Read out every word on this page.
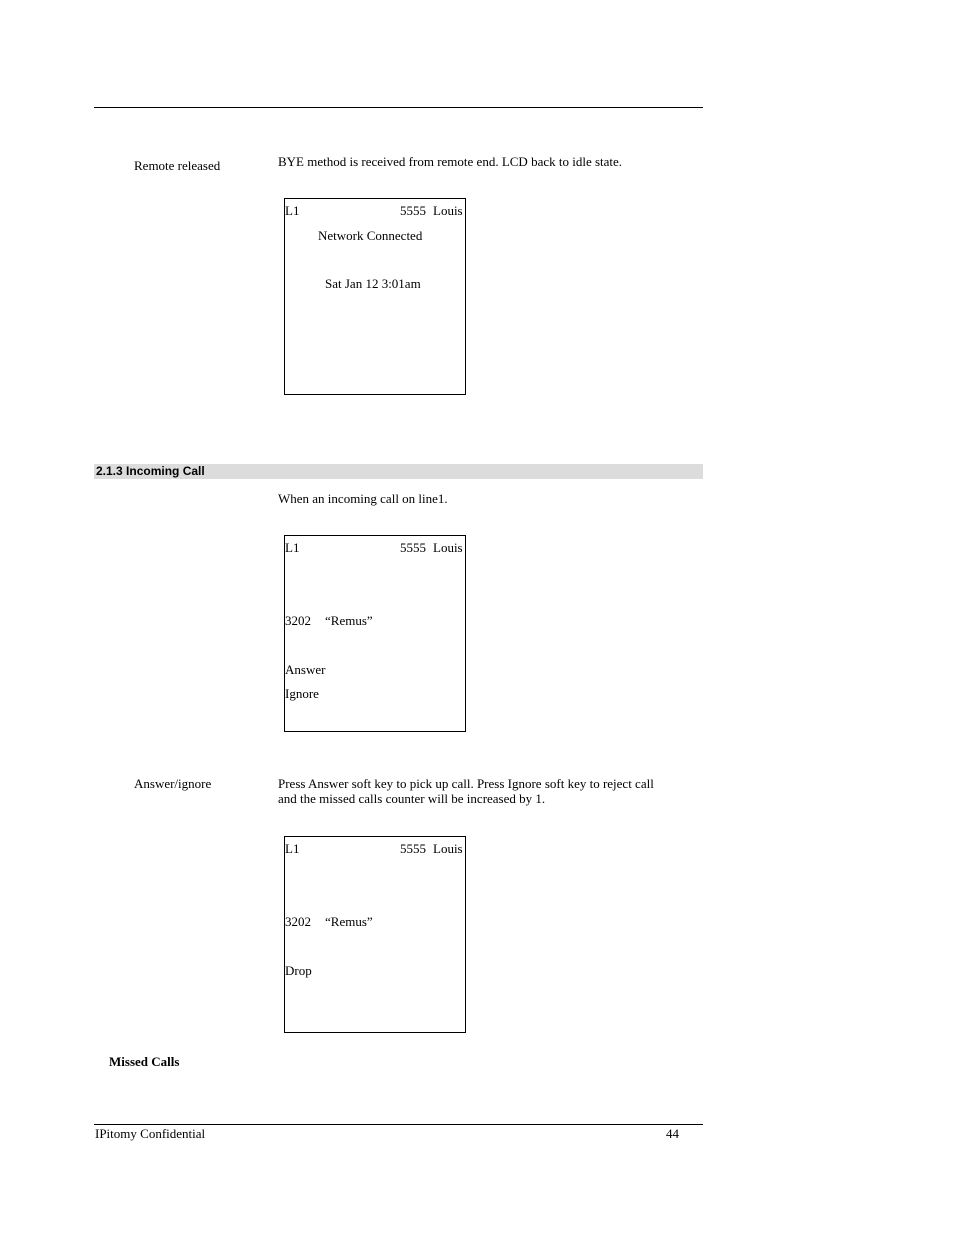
Remote released	BYE method is received from remote end. LCD back to idle state.
L1	5555 Louis
Network Connected
Sat Jan 12 3:01am
2.1.3 Incoming Call
When an incoming call on line1.
L1	5555 Louis
3202 “Remus”
Answer
Ignore
Answer/ignore	Press Answer soft key to pick up call. Press Ignore soft key to reject call
and the missed calls counter will be increased by 1.
L1	5555 Louis
3202 “Remus”
Drop
Missed Calls
IPitomy Confidential	44
